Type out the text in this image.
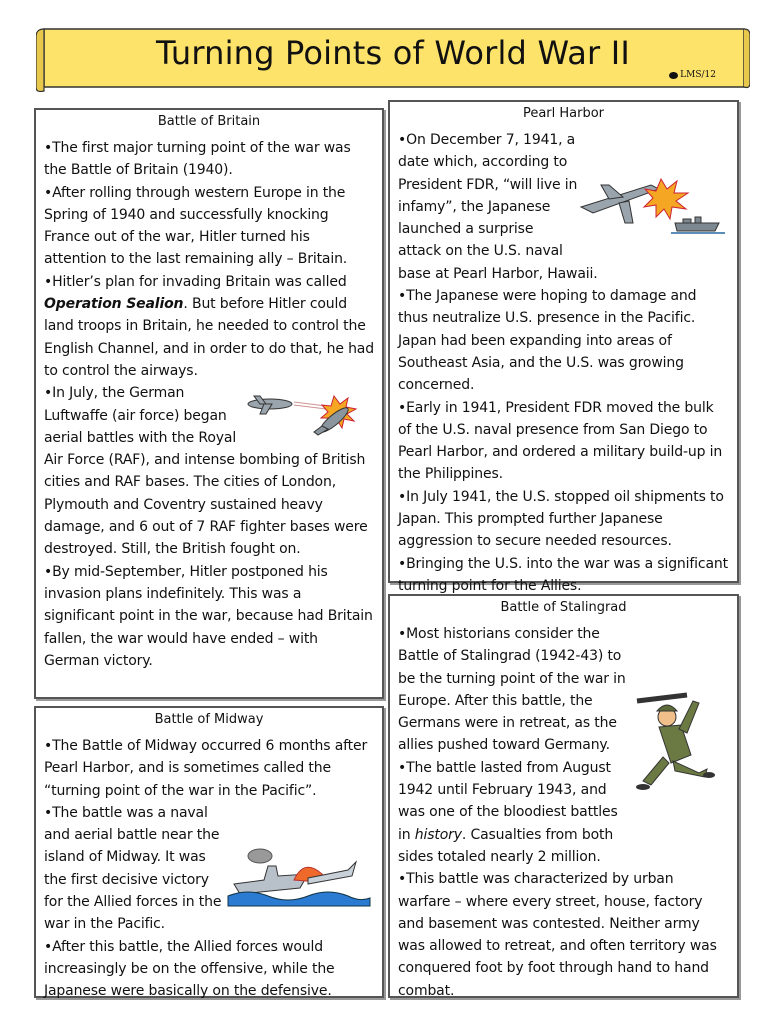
Turning Points of World War II
LMS/12
Battle of Britain

•The first major turning point of the war was the Battle of Britain (1940).

•After rolling through western Europe in the Spring of 1940 and successfully knocking France out of the war, Hitler turned his attention to the last remaining ally – Britain.

•Hitler’s plan for invading Britain was called Operation Sealion. But before Hitler could land troops in Britain, he needed to control the English Channel, and in order to do that, he had to control the airways.

•In July, the German Luftwaffe (air force) began aerial battles with the Royal Air Force (RAF), and intense bombing of British cities and RAF bases. The cities of London, Plymouth and Coventry sustained heavy damage, and 6 out of 7 RAF fighter bases were destroyed. Still, the British fought on.

•By mid-September, Hitler postponed his invasion plans indefinitely. This was a significant point in the war, because had Britain fallen, the war would have ended – with German victory.

Battle of Midway

•The Battle of Midway occurred 6 months after Pearl Harbor, and is sometimes called the “turning point of the war in the Pacific”.

•The battle was a naval and aerial battle near the island of Midway. It was the first decisive victory for the Allied forces in the war in the Pacific.

•After this battle, the Allied forces would increasingly be on the offensive, while the Japanese were basically on the defensive.

Pearl Harbor

•On December 7, 1941, a date which, according to President FDR, “will live in infamy”, the Japanese launched a surprise attack on the U.S. naval base at Pearl Harbor, Hawaii.

•The Japanese were hoping to damage and thus neutralize U.S. presence in the Pacific. Japan had been expanding into areas of Southeast Asia, and the U.S. was growing concerned.

•Early in 1941, President FDR moved the bulk of the U.S. naval presence from San Diego to Pearl Harbor, and ordered a military build-up in the Philippines.

•In July 1941, the U.S. stopped oil shipments to Japan. This prompted further Japanese aggression to secure needed resources.

•Bringing the U.S. into the war was a significant turning point for the Allies.

Battle of Stalingrad

•Most historians consider the Battle of Stalingrad (1942-43) to be the turning point of the war in Europe. After this battle, the Germans were in retreat, as the allies pushed toward Germany.

•The battle lasted from August 1942 until February 1943, and was one of the bloodiest battles in history. Casualties from both sides totaled nearly 2 million.

•This battle was characterized by urban warfare – where every street, house, factory and basement was contested. Neither army was allowed to retreat, and often territory was conquered foot by foot through hand to hand combat.
